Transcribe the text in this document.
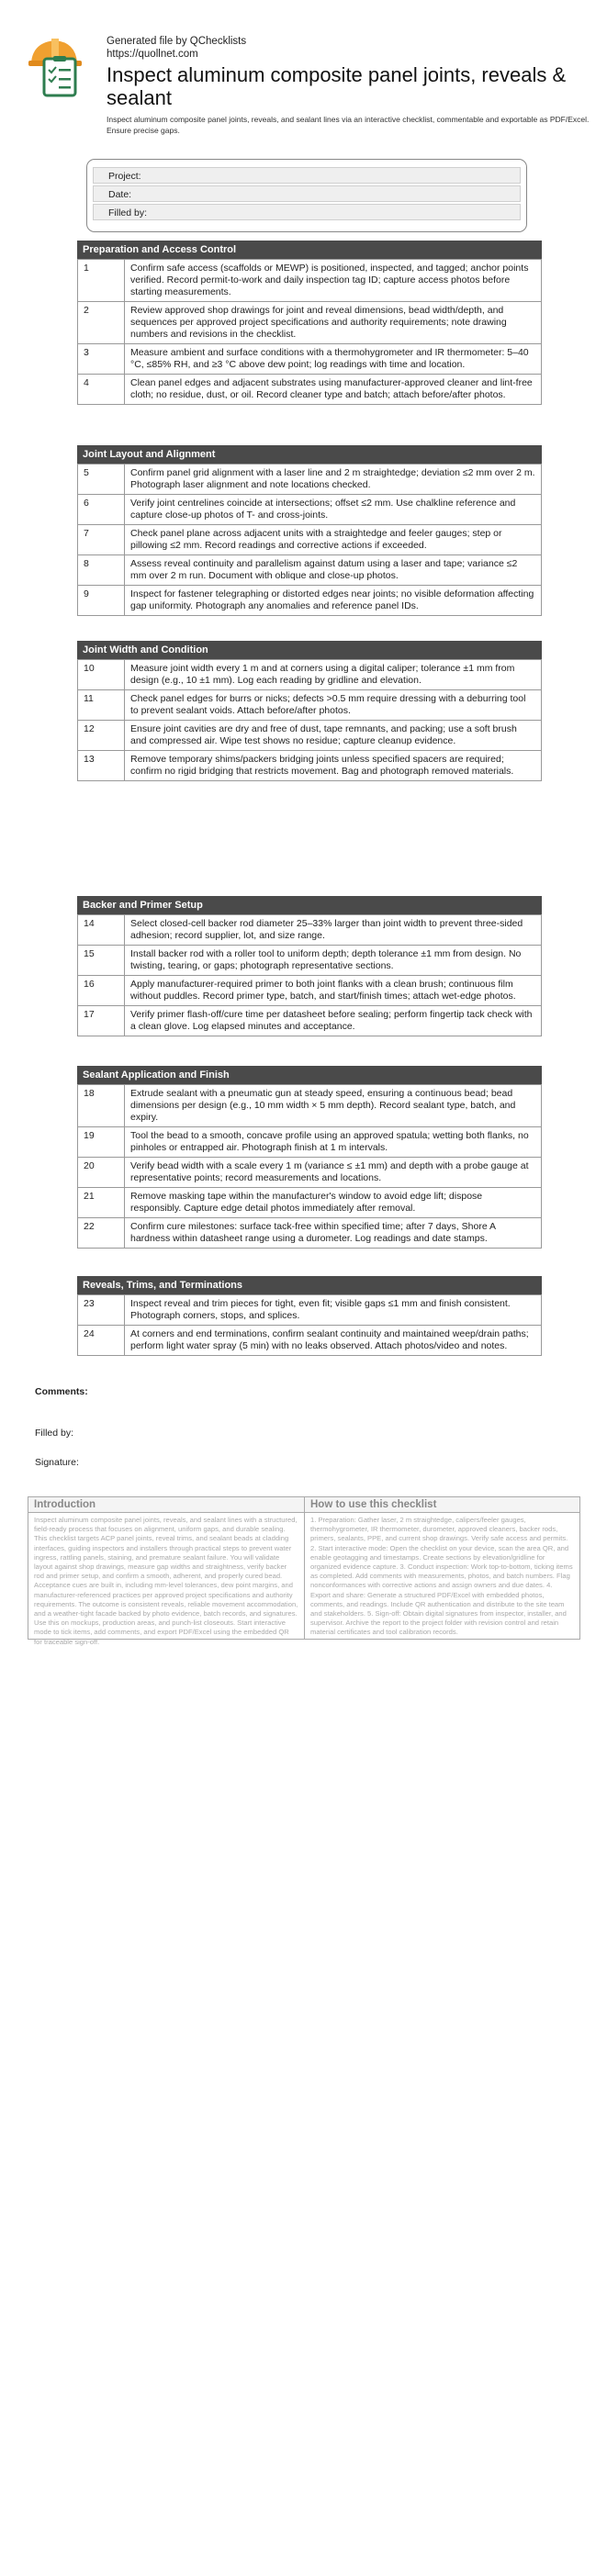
Generated file by QChecklists
https://quollnet.com
Inspect aluminum composite panel joints, reveals & sealant
Inspect aluminum composite panel joints, reveals, and sealant lines via an interactive checklist, commentable and exportable as PDF/Excel. Ensure precise gaps.
Project:
Date:
Filled by:
Preparation and Access Control
1	Confirm safe access (scaffolds or MEWP) is positioned, inspected, and tagged; anchor points verified. Record permit-to-work and daily inspection tag ID; capture access photos before starting measurements.
2	Review approved shop drawings for joint and reveal dimensions, bead width/depth, and sequences per approved project specifications and authority requirements; note drawing numbers and revisions in the checklist.
3	Measure ambient and surface conditions with a thermohygrometer and IR thermometer: 5–40 °C, ≤85% RH, and ≥3 °C above dew point; log readings with time and location.
4	Clean panel edges and adjacent substrates using manufacturer-approved cleaner and lint-free cloth; no residue, dust, or oil. Record cleaner type and batch; attach before/after photos.
Joint Layout and Alignment
5	Confirm panel grid alignment with a laser line and 2 m straightedge; deviation ≤2 mm over 2 m. Photograph laser alignment and note locations checked.
6	Verify joint centrelines coincide at intersections; offset ≤2 mm. Use chalkline reference and capture close-up photos of T- and cross-joints.
7	Check panel plane across adjacent units with a straightedge and feeler gauges; step or pillowing ≤2 mm. Record readings and corrective actions if exceeded.
8	Assess reveal continuity and parallelism against datum using a laser and tape; variance ≤2 mm over 2 m run. Document with oblique and close-up photos.
9	Inspect for fastener telegraphing or distorted edges near joints; no visible deformation affecting gap uniformity. Photograph any anomalies and reference panel IDs.
Joint Width and Condition
10	Measure joint width every 1 m and at corners using a digital caliper; tolerance ±1 mm from design (e.g., 10 ±1 mm). Log each reading by gridline and elevation.
11	Check panel edges for burrs or nicks; defects >0.5 mm require dressing with a deburring tool to prevent sealant voids. Attach before/after photos.
12	Ensure joint cavities are dry and free of dust, tape remnants, and packing; use a soft brush and compressed air. Wipe test shows no residue; capture cleanup evidence.
13	Remove temporary shims/packers bridging joints unless specified spacers are required; confirm no rigid bridging that restricts movement. Bag and photograph removed materials.
Backer and Primer Setup
14	Select closed-cell backer rod diameter 25–33% larger than joint width to prevent three-sided adhesion; record supplier, lot, and size range.
15	Install backer rod with a roller tool to uniform depth; depth tolerance ±1 mm from design. No twisting, tearing, or gaps; photograph representative sections.
16	Apply manufacturer-required primer to both joint flanks with a clean brush; continuous film without puddles. Record primer type, batch, and start/finish times; attach wet-edge photos.
17	Verify primer flash-off/cure time per datasheet before sealing; perform fingertip tack check with a clean glove. Log elapsed minutes and acceptance.
Sealant Application and Finish
18	Extrude sealant with a pneumatic gun at steady speed, ensuring a continuous bead; bead dimensions per design (e.g., 10 mm width × 5 mm depth). Record sealant type, batch, and expiry.
19	Tool the bead to a smooth, concave profile using an approved spatula; wetting both flanks, no pinholes or entrapped air. Photograph finish at 1 m intervals.
20	Verify bead width with a scale every 1 m (variance ≤ ±1 mm) and depth with a probe gauge at representative points; record measurements and locations.
21	Remove masking tape within the manufacturer's window to avoid edge lift; dispose responsibly. Capture edge detail photos immediately after removal.
22	Confirm cure milestones: surface tack-free within specified time; after 7 days, Shore A hardness within datasheet range using a durometer. Log readings and date stamps.
Reveals, Trims, and Terminations
23	Inspect reveal and trim pieces for tight, even fit; visible gaps ≤1 mm and finish consistent. Photograph corners, stops, and splices.
24	At corners and end terminations, confirm sealant continuity and maintained weep/drain paths; perform light water spray (5 min) with no leaks observed. Attach photos/video and notes.
Comments:
Filled by:
Signature:
Introduction
Inspect aluminum composite panel joints, reveals, and sealant lines with a structured, field-ready process that focuses on alignment, uniform gaps, and durable sealing. This checklist targets ACP panel joints, reveal trims, and sealant beads at cladding interfaces, guiding inspectors and installers through practical steps to prevent water ingress, rattling panels, staining, and premature sealant failure. You will validate layout against shop drawings, measure gap widths and straightness, verify backer rod and primer setup, and confirm a smooth, adherent, and properly cured bead. Acceptance cues are built in, including mm-level tolerances, dew point margins, and manufacturer-referenced practices per approved project specifications and authority requirements. The outcome is consistent reveals, reliable movement accommodation, and a weather-tight facade backed by photo evidence, batch records, and signatures. Use this on mockups, production areas, and punch-list closeouts. Start interactive mode to tick items, add comments, and export PDF/Excel using the embedded QR for traceable sign-off.
How to use this checklist
1. Preparation: Gather laser, 2 m straightedge, calipers/feeler gauges, thermohygrometer, IR thermometer, durometer, approved cleaners, backer rods, primers, sealants, PPE, and current shop drawings. Verify safe access and permits. 2. Start interactive mode: Open the checklist on your device, scan the area QR, and enable geotagging and timestamps. Create sections by elevation/gridline for organized evidence capture. 3. Conduct inspection: Work top-to-bottom, ticking items as completed. Add comments with measurements, photos, and batch numbers. Flag nonconformances with corrective actions and assign owners and due dates. 4. Export and share: Generate a structured PDF/Excel with embedded photos, comments, and readings. Include QR authentication and distribute to the site team and stakeholders. 5. Sign-off: Obtain digital signatures from inspector, installer, and supervisor. Archive the report to the project folder with revision control and retain material certificates and tool calibration records.
